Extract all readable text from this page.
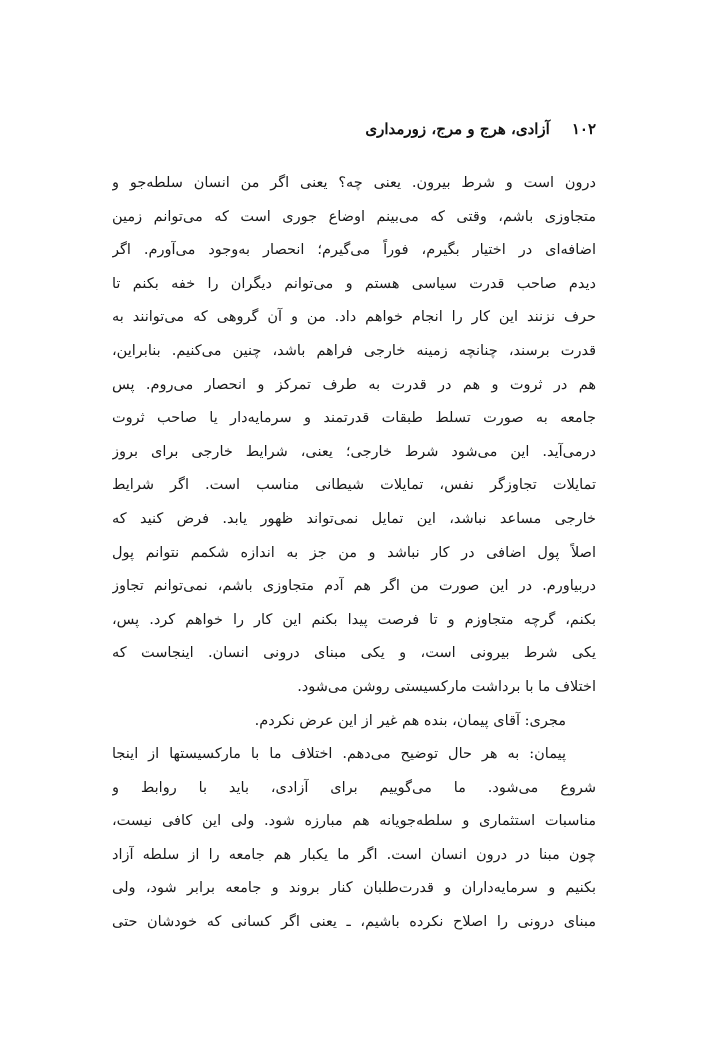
۱۰۲
آزادی، هرج و مرج، زورمداری
درون است و شرط بیرون. یعنی چه؟ یعنی اگر من انسان سلطه‌جو و
متجاوزی باشم، وقتی که می‌بینم اوضاع جوری است که می‌توانم زمین
اضافه‌ای در اختیار بگیرم، فوراً می‌گیرم؛ انحصار به‌وجود می‌آورم. اگر
دیدم صاحب قدرت سیاسی هستم و می‌توانم دیگران را خفه بکنم تا
حرف نزنند این کار را انجام خواهم داد. من و آن گروهی که می‌توانند به
قدرت برسند، چنانچه زمینه خارجی فراهم باشد، چنین می‌کنیم. بنابراین،
هم در ثروت و هم در قدرت به طرف تمرکز و انحصار می‌روم. پس
جامعه به صورت تسلط طبقات قدرتمند و سرمایه‌دار یا صاحب ثروت
درمی‌آید. این می‌شود شرط خارجی؛ یعنی، شرایط خارجی برای بروز
تمایلات تجاوزگر نفس، تمایلات شیطانی مناسب است. اگر شرایط
خارجی مساعد نباشد، این تمایل نمی‌تواند ظهور یابد. فرض کنید که
اصلاً پول اضافی در کار نباشد و من جز به اندازه شکمم نتوانم پول
دربیاورم. در این صورت من اگر هم آدم متجاوزی باشم، نمی‌توانم تجاوز
بکنم، گرچه متجاوزم و تا فرصت پیدا بکنم این کار را خواهم کرد. پس،
یکی شرط بیرونی است، و یکی مبنای درونی انسان. اینجاست که
اختلاف ما با برداشت مارکسیستی روشن می‌شود.
مجری: آقای پیمان، بنده هم غیر از این عرض نکردم.
پیمان: به هر حال توضیح می‌دهم. اختلاف ما با مارکسیستها از اینجا
شروع می‌شود. ما می‌گوییم برای آزادی، باید با روابط و
مناسبات استثماری و سلطه‌جویانه هم مبارزه شود. ولی این کافی نیست،
چون مبنا در درون انسان است. اگر ما یکبار هم جامعه را از سلطه آزاد
بکنیم و سرمایه‌داران و قدرت‌طلبان کنار بروند و جامعه برابر شود، ولی
مبنای درونی را اصلاح نکرده باشیم، ـ یعنی اگر کسانی که خودشان حتی
